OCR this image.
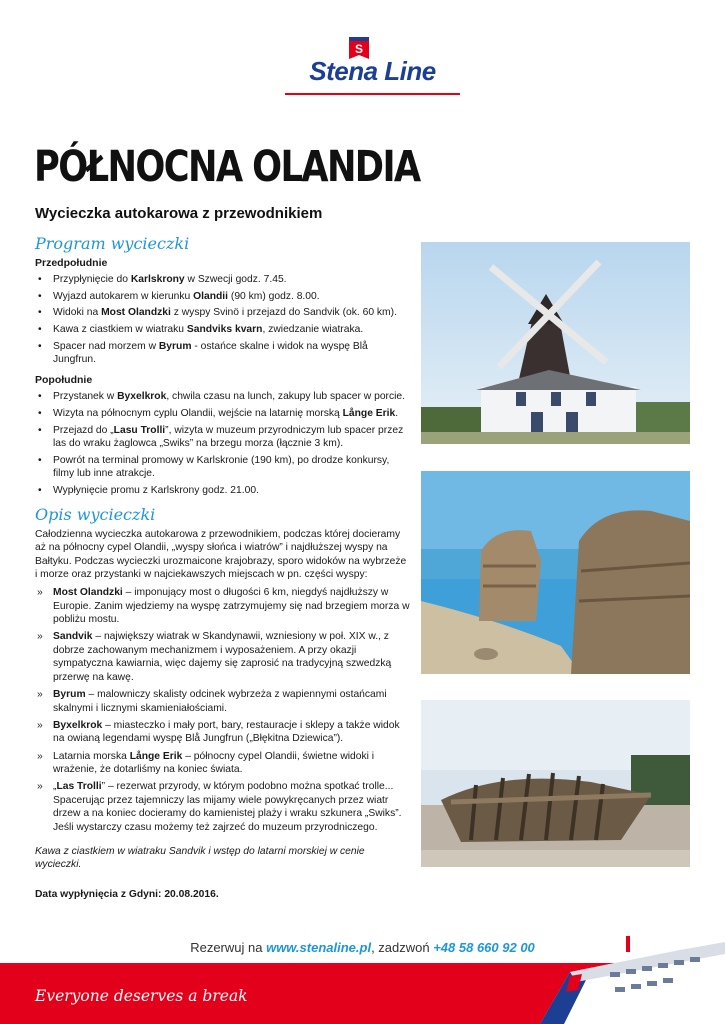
S
Stena Line
PÓŁNOCNA OLANDIA
Wycieczka autokarowa z przewodnikiem
Program wycieczki
Przedpołudnie
• Przypłynięcie do Karlskrony w Szwecji godz. 7.45.
• Wyjazd autokarem w kierunku Olandii (90 km) godz. 8.00.
• Widoki na Most Olandzki z wyspy Svinö i przejazd do Sandvik (ok. 60 km).
• Kawa z ciastkiem w wiatraku Sandviks kvarn, zwiedzanie wiatraka.
• Spacer nad morzem w Byrum - ostańce skalne i widok na wyspę Blå Jungfrun.
Popołudnie
• Przystanek w Byxelkrok, chwila czasu na lunch, zakupy lub spacer w porcie.
• Wizyta na północnym cyplu Olandii, wejście na latarnię morską Långe Erik.
• Przejazd do „Lasu Trolli”, wizyta w muzeum przyrodniczym lub spacer przez las do wraku żaglowca „Swiks” na brzegu morza (łącznie 3 km).
• Powrót na terminal promowy w Karlskronie (190 km), po drodze konkursy, filmy lub inne atrakcje.
• Wypłynięcie promu z Karlskrony godz. 21.00.
Opis wycieczki
Całodzienna wycieczka autokarowa z przewodnikiem, podczas której docieramy aż na północny cypel Olandii, „wyspy słońca i wiatrów” i najdłuższej wyspy na Bałtyku. Podczas wycieczki urozmaicone krajobrazy, sporo widoków na wybrzeże i morze oraz przystanki w najciekawszych miejscach w pn. części wyspy:
» Most Olandzki – imponujący most o długości 6 km, niegdyś najdłuższy w Europie. Zanim wjedziemy na wyspę zatrzymujemy się nad brzegiem morza w pobliżu mostu.
» Sandvik – największy wiatrak w Skandynawii, wzniesiony w poł. XIX w., z dobrze zachowanym mechanizmem i wyposażeniem. A przy okazji sympatyczna kawiarnia, więc dajemy się zaprosić na tradycyjną szwedzką przerwę na kawę.
» Byrum – malowniczy skalisty odcinek wybrzeża z wapiennymi ostańcami skalnymi i licznymi skamieniałościami.
» Byxelkrok – miasteczko i mały port, bary, restauracje i sklepy a także widok na owianą legendami wyspę Blå Jungfrun („Błękitna Dziewica”).
» Latarnia morska Långe Erik – północny cypel Olandii, świetne widoki i wrażenie, że dotarliśmy na koniec świata.
» „Las Trolli” – rezerwat przyrody, w którym podobno można spotkać trolle... Spacerując przez tajemniczy las mijamy wiele powykręcanych przez wiatr drzew a na koniec docieramy do kamienistej plaży i wraku szkunera „Swiks”. Jeśli wystarczy czasu możemy też zajrzeć do muzeum przyrodniczego.
Kawa z ciastkiem w wiatraku Sandvik i wstęp do latarni morskiej w cenie wycieczki.
Data wypłynięcia z Gdyni: 20.08.2016.
Rezerwuj na www.stenaline.pl, zadzwoń +48 58 660 92 00
Everyone deserves a break
